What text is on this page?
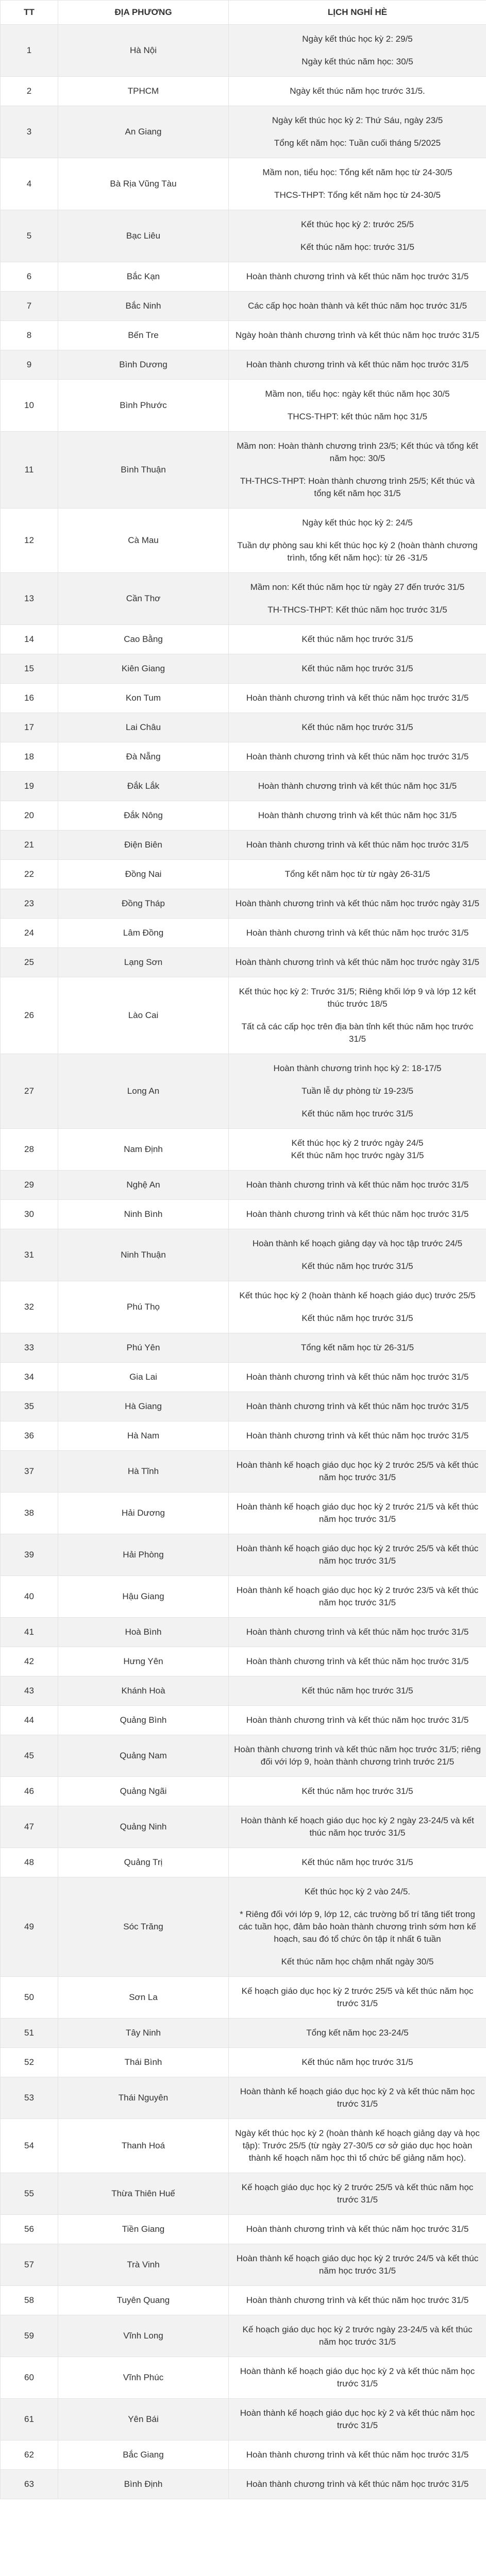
TT	ĐỊA PHƯƠNG	LỊCH NGHỈ HÈ
1	Hà Nội	Ngày kết thúc học kỳ 2: 29/5

Ngày kết thúc năm học: 30/5

2	TPHCM	Ngày kết thúc năm học trước 31/5.

3	An Giang	Ngày kết thúc học kỳ 2: Thứ Sáu, ngày 23/5

Tổng kết năm học: Tuần cuối tháng 5/2025

4	Bà Rịa Vũng Tàu	Mầm non, tiểu học: Tổng kết năm học từ 24-30/5

THCS-THPT: Tổng kết năm học từ 24-30/5

5	Bạc Liêu	Kết thúc học kỳ 2: trước 25/5

Kết thúc năm học: trước 31/5

6	Bắc Kạn	Hoàn thành chương trình và kết thúc năm học trước 31/5

7	Bắc Ninh	Các cấp học hoàn thành và kết thúc năm học trước 31/5

8	Bến Tre	Ngày hoàn thành chương trình và kết thúc năm học trước 31/5

9	Bình Dương	Hoàn thành chương trình và kết thúc năm học trước 31/5

10	Bình Phước	Mầm non, tiểu học: ngày kết thúc năm học 30/5

THCS-THPT: kết thúc năm học 31/5

11	Bình Thuận	Mầm non: Hoàn thành chương trình 23/5; Kết thúc và tổng kết năm học: 30/5

TH-THCS-THPT: Hoàn thành chương trình 25/5; Kết thúc và tổng kết năm học 31/5

12	Cà Mau	Ngày kết thúc học kỳ 2: 24/5

Tuần dự phòng sau khi kết thúc học kỳ 2 (hoàn thành chương trình, tổng kết năm học): từ 26 -31/5

13	Cần Thơ	Mầm non: Kết thúc năm học từ ngày 27 đến trước 31/5

TH-THCS-THPT: Kết thúc năm học trước 31/5

14	Cao Bằng	Kết thúc năm học trước 31/5

15	Kiên Giang	Kết thúc năm học trước 31/5

16	Kon Tum	Hoàn thành chương trình và kết thúc năm học trước 31/5

17	Lai Châu	Kết thúc năm học trước 31/5

18	Đà Nẵng	Hoàn thành chương trình và kết thúc năm học trước 31/5

19	Đắk Lắk	Hoàn thành chương trình và kết thúc năm học 31/5

20	Đắk Nông	Hoàn thành chương trình và kết thúc năm học 31/5

21	Điện Biên	Hoàn thành chương trình và kết thúc năm học trước 31/5

22	Đồng Nai	Tổng kết năm học từ từ ngày 26-31/5

23	Đồng Tháp	Hoàn thành chương trình và kết thúc năm học trước ngày 31/5

24	Lâm Đồng	Hoàn thành chương trình và kết thúc năm học trước 31/5

25	Lạng Sơn	Hoàn thành chương trình và kết thúc năm học trước ngày 31/5

26	Lào Cai	Kết thúc học kỳ 2: Trước 31/5; Riêng khối lớp 9 và lớp 12 kết thúc trước 18/5

Tất cả các cấp học trên địa bàn tỉnh kết thúc năm học trước 31/5

27	Long An	Hoàn thành chương trình học kỳ 2: 18-17/5

Tuần lễ dự phòng từ 19-23/5

Kết thúc năm học trước 31/5

28	Nam Định	Kết thúc học kỳ 2 trước ngày 24/5
Kết thúc năm học trước ngày 31/5

29	Nghệ An	Hoàn thành chương trình và kết thúc năm học trước 31/5

30	Ninh Bình	Hoàn thành chương trình và kết thúc năm học trước 31/5

31	Ninh Thuận	Hoàn thành kế hoạch giảng dạy và học tập trước 24/5

Kết thúc năm học trước 31/5

32	Phú Thọ	Kết thúc học kỳ 2 (hoàn thành kế hoạch giáo dục) trước 25/5

Kết thúc năm học trước 31/5

33	Phú Yên	Tổng kết năm học từ 26-31/5

34	Gia Lai	Hoàn thành chương trình và kết thúc năm học trước 31/5

35	Hà Giang	Hoàn thành chương trình và kết thúc năm học trước 31/5

36	Hà Nam	Hoàn thành chương trình và kết thúc năm học trước 31/5

37	Hà Tĩnh	Hoàn thành kế hoạch giáo dục học kỳ 2 trước 25/5 và kết thúc năm học trước 31/5

38	Hải Dương	Hoàn thành kế hoạch giáo dục học kỳ 2 trước 21/5 và kết thúc năm học trước 31/5

39	Hải Phòng	Hoàn thành kế hoạch giáo dục học kỳ 2 trước 25/5 và kết thúc năm học trước 31/5

40	Hậu Giang	Hoàn thành kế hoạch giáo dục học kỳ 2 trước 23/5 và kết thúc năm học trước 31/5

41	Hoà Bình	Hoàn thành chương trình và kết thúc năm học trước 31/5

42	Hưng Yên	Hoàn thành chương trình và kết thúc năm học trước 31/5

43	Khánh Hoà	Kết thúc năm học trước 31/5

44	Quảng Bình	Hoàn thành chương trình và kết thúc năm học trước 31/5

45	Quảng Nam	Hoàn thành chương trình và kết thúc năm học trước 31/5; riêng đối với lớp 9, hoàn thành chương trình trước 21/5

46	Quảng Ngãi	Kết thúc năm học trước 31/5

47	Quảng Ninh	Hoàn thành kế hoạch giáo dục học kỳ 2 ngày 23-24/5 và kết thúc năm học trước 31/5

48	Quảng Trị	Kết thúc năm học trước 31/5

49	Sóc Trăng	Kết thúc học kỳ 2 vào 24/5.

* Riêng đối với lớp 9, lớp 12, các trường bố trí tăng tiết trong các tuần học, đảm bảo hoàn thành chương trình sớm hơn kế hoạch, sau đó tổ chức ôn tập ít nhất 6 tuần

Kết thúc năm học chậm nhất ngày 30/5

50	Sơn La	Kế hoạch giáo dục học kỳ 2 trước 25/5 và kết thúc năm học trước 31/5

51	Tây Ninh	Tổng kết năm học 23-24/5

52	Thái Bình	Kết thúc năm học trước 31/5

53	Thái Nguyên	Hoàn thành kế hoạch giáo dục học kỳ 2 và kết thúc năm học trước 31/5

54	Thanh Hoá	Ngày kết thúc học kỳ 2 (hoàn thành kế hoạch giảng dạy và học tập): Trước 25/5 (từ ngày 27-30/5 cơ sở giáo dục học hoàn thành kế hoạch năm học thì tổ chức bế giảng năm học).

55	Thừa Thiên Huế	Kế hoạch giáo dục học kỳ 2 trước 25/5 và kết thúc năm học trước 31/5

56	Tiền Giang	Hoàn thành chương trình và kết thúc năm học trước 31/5

57	Trà Vinh	Hoàn thành kế hoạch giáo dục học kỳ 2 trước 24/5 và kết thúc năm học trước 31/5

58	Tuyên Quang	Hoàn thành chương trình và kết thúc năm học trước 31/5

59	Vĩnh Long	Kế hoạch giáo dục học kỳ 2 trước ngày 23-24/5 và kết thúc năm học trước 31/5

60	Vĩnh Phúc	Hoàn thành kế hoạch giáo dục học kỳ 2 và kết thúc năm học trước 31/5

61	Yên Bái	Hoàn thành kế hoạch giáo dục học kỳ 2 và kết thúc năm học trước 31/5

62	Bắc Giang	Hoàn thành chương trình và kết thúc năm học trước 31/5

63	Bình Định	Hoàn thành chương trình và kết thúc năm học trước 31/5
